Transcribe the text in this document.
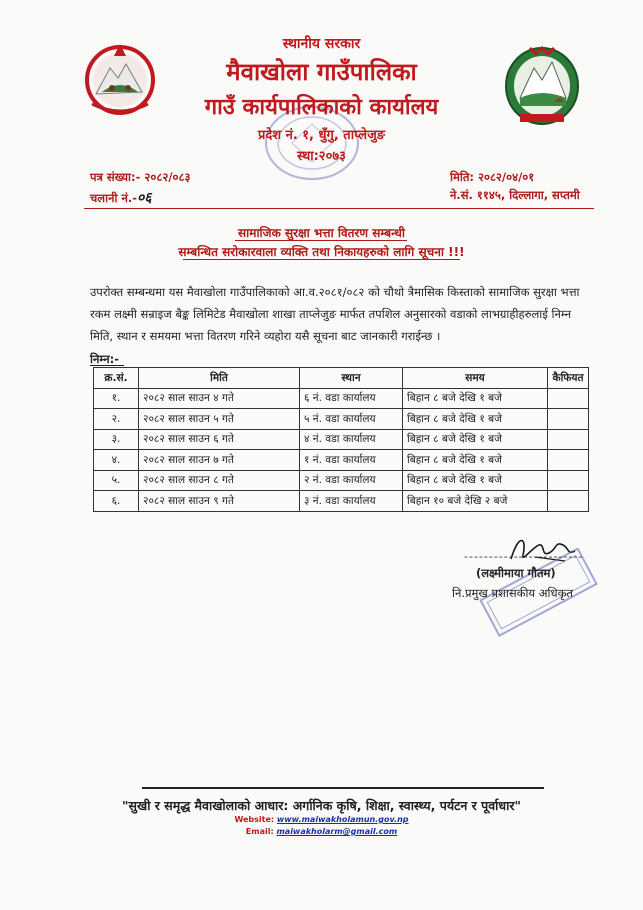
स्थानीय सरकार
मैवाखोला गाउँपालिका
गाउँ कार्यपालिकाको कार्यालय
प्रदेश नं. १, धुँगु, ताप्लेजुङ
स्था:२०७३
पत्र संख्या:- २०८२/०८३
चलानी नं.-०६
मिति: २०८२/०४/०१
ने.सं. ११४५, दिल्लागा, सप्तमी
सामाजिक सुरक्षा भत्ता वितरण सम्बन्धी
सम्बन्धित सरोकारवाला व्यक्ति तथा निकायहरुको लागि सूचना !!!
उपरोक्त सम्बन्धमा यस मैवाखोला गाउँपालिकाको आ.व.२०८१/०८२ को चौथो त्रैमासिक किस्ताको सामाजिक सुरक्षा भत्ता रकम लक्ष्मी सन्राइज बैङ्क लिमिटेड मैवाखोला शाखा ताप्लेजुङ मार्फत तपशिल अनुसारको वडाको लाभग्राहीहरुलाई निम्न मिति, स्थान र समयमा भत्ता वितरण गरिने व्यहोरा यसै सूचना बाट जानकारी गराईन्छ ।
निम्न:-
क्र.सं.	मिति	स्थान	समय	कैफियत
१.	२०८२ साल साउन ४ गते	६ नं. वडा कार्यालय	बिहान ८ बजे देखि १ बजे	
२.	२०८२ साल साउन ५ गते	५ नं. वडा कार्यालय	बिहान ८ बजे देखि १ बजे	
३.	२०८२ साल साउन ६ गते	४ नं. वडा कार्यालय	बिहान ८ बजे देखि १ बजे	
४.	२०८२ साल साउन ७ गते	१ नं. वडा कार्यालय	बिहान ८ बजे देखि १ बजे	
५.	२०८२ साल साउन ८ गते	२ नं. वडा कार्यालय	बिहान ८ बजे देखि १ बजे	
६.	२०८२ साल साउन ९ गते	३ नं. वडा कार्यालय	बिहान १० बजे देखि २ बजे	
------------------------
(लक्ष्मीमाया गौतम)
नि.प्रमुख प्रशासकीय अधिकृत
"सुखी र समृद्ध मैवाखोलाको आधार: अर्गानिक कृषि, शिक्षा, स्वास्थ्य, पर्यटन र पूर्वाधार"
Website: www.maiwakholamun.gov.np
Email: maiwakholarm@gmail.com
